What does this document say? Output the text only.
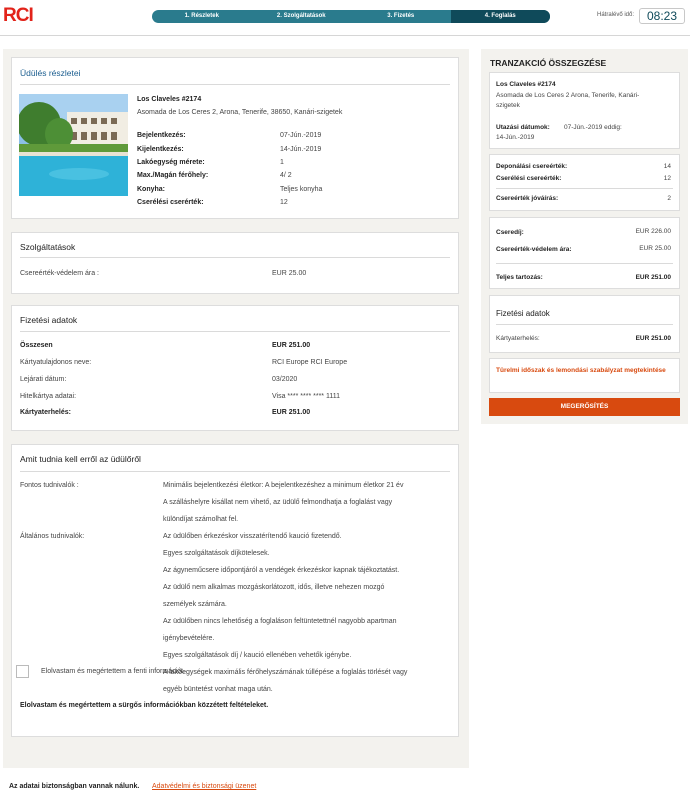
RCI	1. Részletek	2. Szolgáltatások	3. Fizetés	4. Foglalás	Hátralévő idő:	08:23
Üdülés részletei
Los Claveles #2174
Asomada de Los Ceres 2, Arona, Tenerife, 38650, Kanári-szigetek
Bejelentkezés:	07-Jún.-2019
Kijelentkezés:	14-Jún.-2019
Lakóegység mérete:	1
Max./Magán férőhely:	4/ 2
Konyha:	Teljes konyha
Cserélési cserérték:	12
Szolgáltatások
Csereérték-védelem ára :	EUR 25.00
Fizetési adatok
Összesen	EUR 251.00
Kártyatulajdonos neve:	RCI Europe RCI Europe
Lejárati dátum:	03/2020
Hitelkártya adatai:	Visa **** **** **** 1111
Kártyaterhelés:	EUR 251.00
Amit tudnia kell erről az üdülőről
Fontos tudnivalók :	Minimális bejelentkezési életkor: A bejelentkezéshez a minimum életkor 21 év
A szálláshelyre kisállat nem vihető, az üdülő felmondhatja a foglalást vagy
különdíjat számolhat fel.
Általános tudnivalók:	Az üdülőben érkezéskor visszatérítendő kaució fizetendő.
Egyes szolgáltatások díjkötelesek.
Az ágyneműcsere időpontjáról a vendégek érkezéskor kapnak tájékoztatást.
Az üdülő nem alkalmas mozgáskorlátozott, idős, illetve nehezen mozgó
személyek számára.
Az üdülőben nincs lehetőség a foglaláson feltüntetettnél nagyobb apartman
igénybevételére.
Egyes szolgáltatások díj / kaució ellenében vehetők igénybe.
A lakóegységek maximális férőhelyszámának túllépése a foglalás törlését vagy
egyéb büntetést vonhat maga után.
Elolvastam és megértettem a sürgős információkban közzétett feltételeket.
Elolvastam és megértettem a fenti információt.
TRANZAKCIÓ ÖSSZEGZÉSE
Los Claveles #2174
Asomada de Los Ceres 2 Arona, Tenerife, Kanári-
szigetek
Utazási dátumok: 07-Jún.-2019 eddig:
14-Jún.-2019
Deponálási csereérték:	14
Cserélési csereérték:	12
Csereérték jóváírás:	2
Cseredíj:	EUR 226.00
Csereérték-védelem ára:	EUR 25.00
Teljes tartozás:	EUR 251.00
Fizetési adatok
Kártyaterhelés:	EUR 251.00
Türelmi időszak és lemondási szabályzat megtekintése
MEGERŐSÍTÉS
Az adatai biztonságban vannak nálunk. Adatvédelmi és biztonsági üzenet
